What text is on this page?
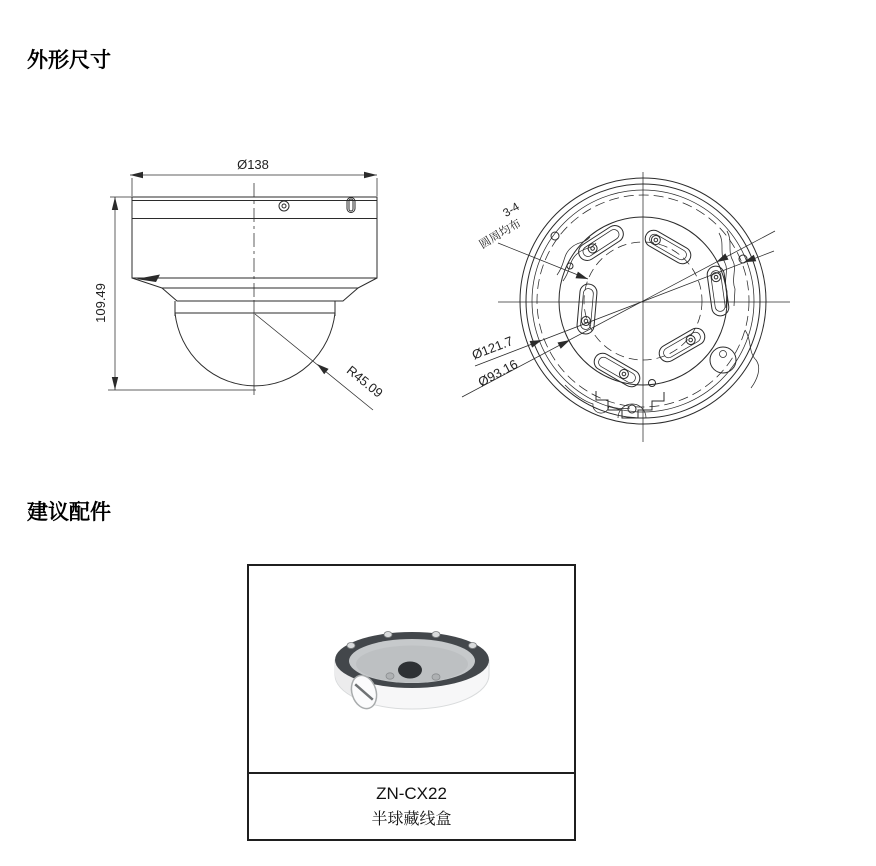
外形尺寸
Ø138
109.49
R45.09
Ø121.7
Ø93.16
3-4
圆周均布
建议配件
ZN-CX22
半球藏线盒
